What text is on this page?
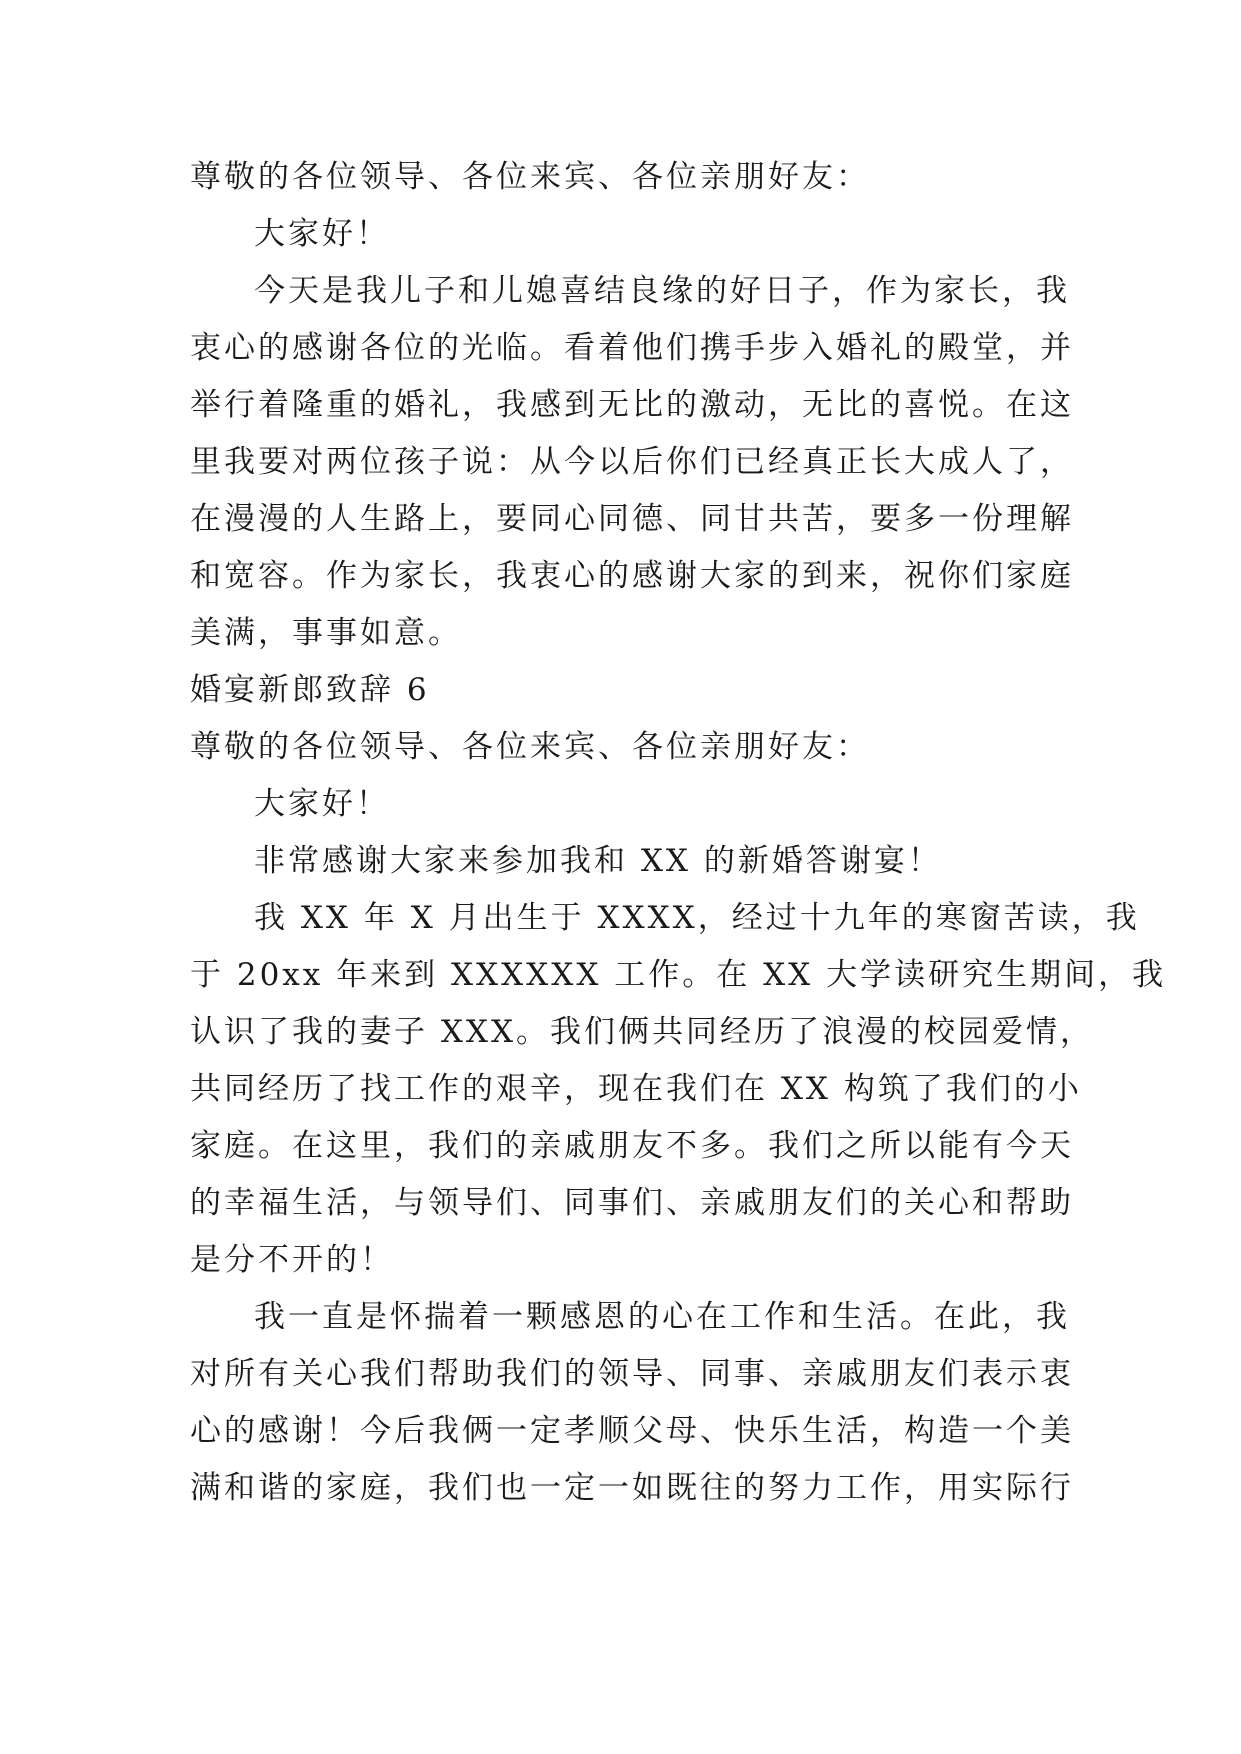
尊敬的各位领导、各位来宾、各位亲朋好友：
大家好！
今天是我儿子和儿媳喜结良缘的好日子，作为家长，我
衷心的感谢各位的光临。看着他们携手步入婚礼的殿堂，并
举行着隆重的婚礼，我感到无比的激动，无比的喜悦。在这
里我要对两位孩子说：从今以后你们已经真正长大成人了，
在漫漫的人生路上，要同心同德、同甘共苦，要多一份理解
和宽容。作为家长，我衷心的感谢大家的到来，祝你们家庭
美满，事事如意。
婚宴新郎致辞 6
尊敬的各位领导、各位来宾、各位亲朋好友：
大家好！
非常感谢大家来参加我和 XX 的新婚答谢宴！
我 XX 年 X 月出生于 XXXX，经过十九年的寒窗苦读，我
于 20xx 年来到 XXXXXX 工作。在 XX 大学读研究生期间，我
认识了我的妻子 XXX。我们俩共同经历了浪漫的校园爱情，
共同经历了找工作的艰辛，现在我们在 XX 构筑了我们的小
家庭。在这里，我们的亲戚朋友不多。我们之所以能有今天
的幸福生活，与领导们、同事们、亲戚朋友们的关心和帮助
是分不开的！
我一直是怀揣着一颗感恩的心在工作和生活。在此，我
对所有关心我们帮助我们的领导、同事、亲戚朋友们表示衷
心的感谢！今后我俩一定孝顺父母、快乐生活，构造一个美
满和谐的家庭，我们也一定一如既往的努力工作，用实际行
